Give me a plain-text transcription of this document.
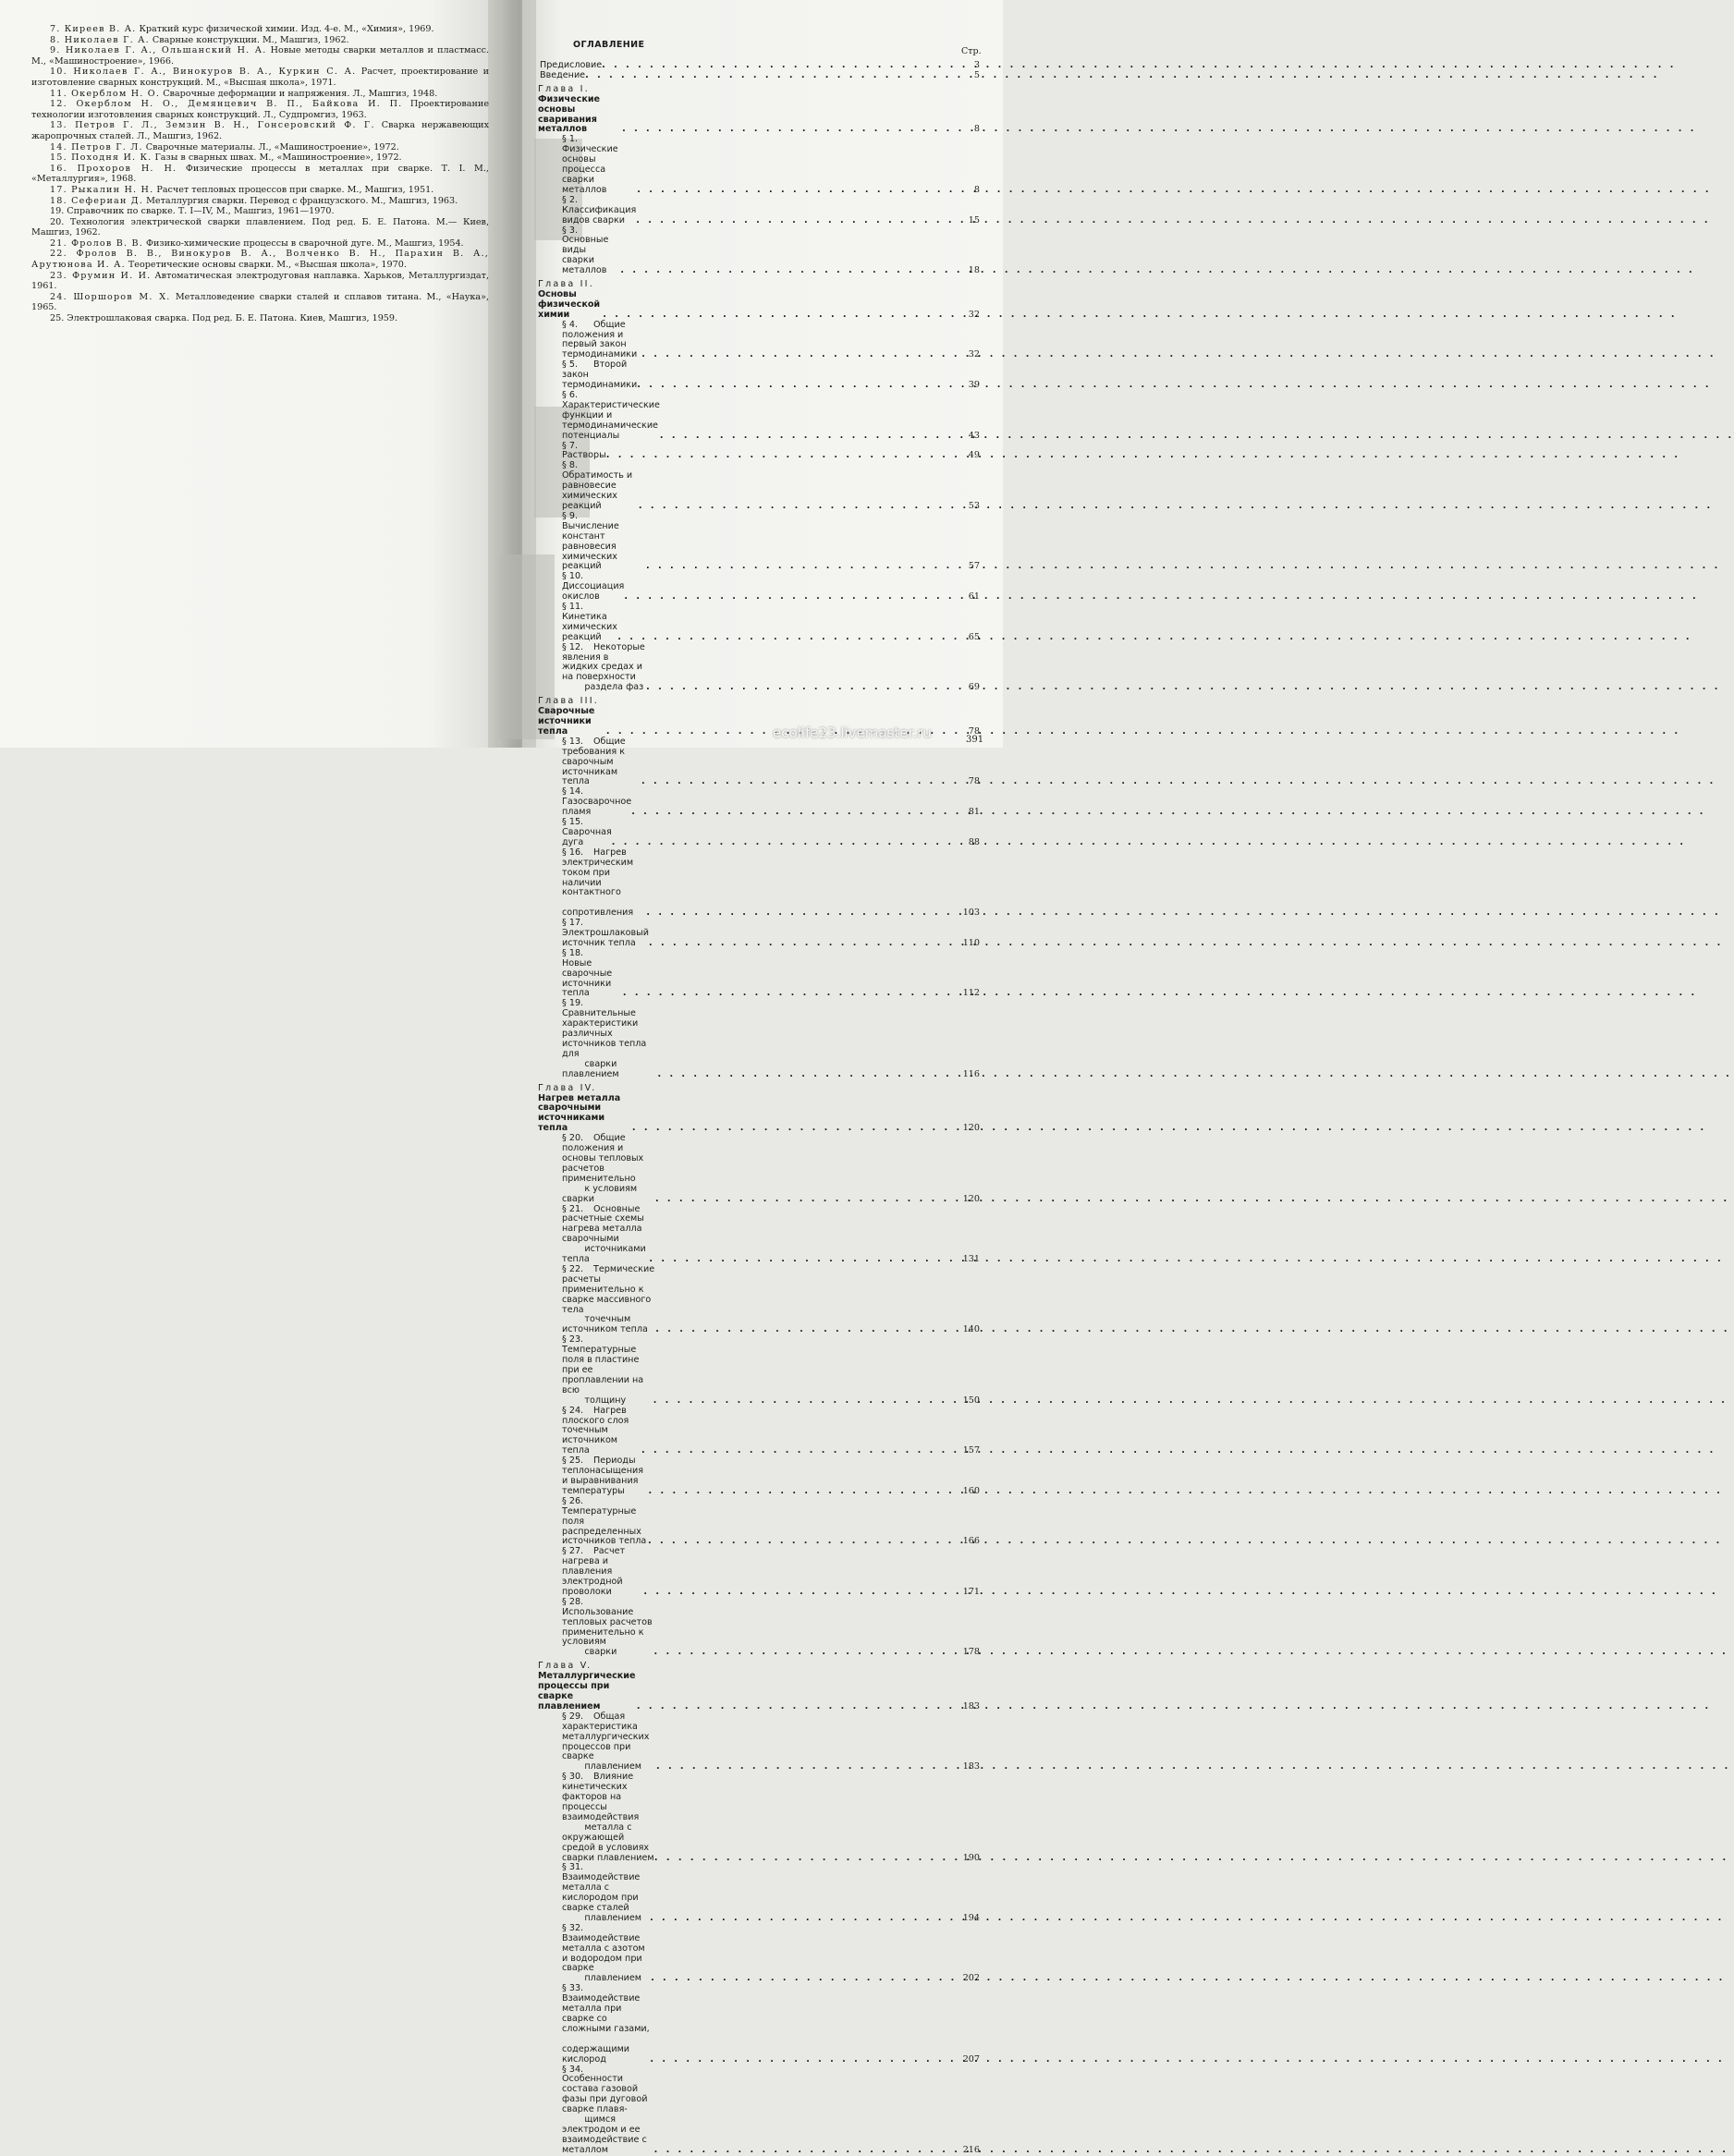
7. Киреев В. А. Краткий курс физической химии. Изд. 4-е. М., «Химия», 1969.

8. Николаев Г. А. Сварные конструкции. М., Машгиз, 1962.

9. Николаев Г. А., Ольшанский Н. А. Новые методы сварки металлов и пластмасс. М., «Машиностроение», 1966.

10. Николаев Г. А., Винокуров В. А., Куркин С. А. Расчет, проектирование и изготовление сварных конструкций. М., «Высшая школа», 1971.

11. Окерблом Н. О. Сварочные деформации и напряжения. Л., Машгиз, 1948.

12. Окерблом Н. О., Демянцевич В. П., Байкова И. П. Проектирование технологии изготовления сварных конструкций. Л., Судпромгиз, 1963.

13. Петров Г. Л., Земзин В. Н., Гонсеровский Ф. Г. Сварка нержавеющих жаропрочных сталей. Л., Машгиз, 1962.

14. Петров Г. Л. Сварочные материалы. Л., «Машиностроение», 1972.

15. Походня И. К. Газы в сварных швах. М., «Машиностроение», 1972.

16. Прохоров Н. Н. Физические процессы в металлах при сварке. Т. I. М., «Металлургия», 1968.

17. Рыкалин Н. Н. Расчет тепловых процессов при сварке. М., Машгиз, 1951.

18. Сефериан Д. Металлургия сварки. Перевод с французского. М., Машгиз, 1963.

19. Справочник по сварке. Т. I—IV, М., Машгиз, 1961—1970.

20. Технология электрической сварки плавлением. Под ред. Б. Е. Патона. М.— Киев, Машгиз, 1962.

21. Фролов В. В. Физико-химические процессы в сварочной дуге. М., Машгиз, 1954.

22. Фролов В. В., Винокуров В. А., Волченко В. Н., Парахин В. А., Арутюнова И. А. Теоретические основы сварки. М., «Высшая школа», 1970.

23. Фрумин И. И. Автоматическая электродуговая наплавка. Харьков, Металлургиздат, 1961.

24. Шоршоров М. Х. Металловедение сварки сталей и сплавов титана. М., «Наука», 1965.

25. Электрошлаковая сварка. Под ред. Б. Е. Патона. Киев, Машгиз, 1959.

ОГЛАВЛЕНИЕ
Стр.
Предисловие . . .	3
Введение . . .	5
Глава I. Физические основы сваривания металлов . . .	8
§ 1.Физические основы процесса сварки металлов . . .	8
§ 2.Классификация видов сварки . . .	15
§ 3.Основные виды сварки металлов . . .	18
Глава II. Основы физической химии . . .	32
§ 4. Общие положения и первый закон термодинамики . . .	32
§ 5. Второй закон термодинамики . . .	39
§ 6.Характеристические функции и термодинамические потенциалы . . .	43
§ 7.Растворы . . .	49
§ 8.Обратимость и равновесие химических реакций . . .	53
§ 9.Вычисление констант равновесия химических реакций . . .	57
§ 10.Диссоциация окислов . . .	61
§ 11.Кинетика химических реакций . . .	65
§ 12. Некоторые явления в жидких средах и на поверхности
раздела фаз . . .	69
Глава III. Сварочные источники тепла . . .	78
§ 13. Общие требования к сварочным источникам тепла . . .	78
§ 14.Газосварочное пламя . . .	81
§ 15.Сварочная дуга . . .	88
§ 16. Нагрев электрическим током при наличии контактного
сопротивления . . .	103
§ 17.Электрошлаковый источник тепла . . .	110
§ 18.Новые сварочные источники тепла . . .	112
§ 19.Сравнительные характеристики различных источников тепла для
сварки плавлением . . .	116
Глава IV. Нагрев металла сварочными источниками тепла . . .	120
§ 20. Общие положения и основы тепловых расчетов применительно
к условиям сварки . . .	120
§ 21. Основные расчетные схемы нагрева металла сварочными
источниками тепла . . .	131
§ 22. Термические расчеты применительно к сварке массивного тела
точечным источником тепла . . .	140
§ 23.Температурные поля в пластине при ее проплавлении на всю
толщину . . .	150
§ 24. Нагрев плоского слоя точечным источником тепла . . .	157
§ 25. Периоды теплонасыщения и выравнивания температуры . . .	160
§ 26.Температурные поля распределенных источников тепла . . .	166
§ 27. Расчет нагрева и плавления электродной проволоки . . .	171
§ 28.Использование тепловых расчетов применительно к условиям
сварки . . .	178
Глава V. Металлургические процессы при сварке плавлением . . .	183
§ 29. Общая характеристика металлургических процессов при сварке
плавлением . . .	183
§ 30. Влияние кинетических факторов на процессы взаимодействия
металла с окружающей средой в условиях сварки плавлением . . .	190
§ 31.Взаимодействие металла с кислородом при сварке сталей
плавлением . . .	194
§ 32.Взаимодействие металла с азотом и водородом при сварке
плавлением . . .	202
§ 33.Взаимодействие металла при сварке со сложными газами,
содержащими кислород . . .	207
§ 34.Особенности состава газовой фазы при дуговой сварке плавя-
щимся электродом и ее взаимодействие с металлом . . .	216
ecolife23.livemaster.ru	391
